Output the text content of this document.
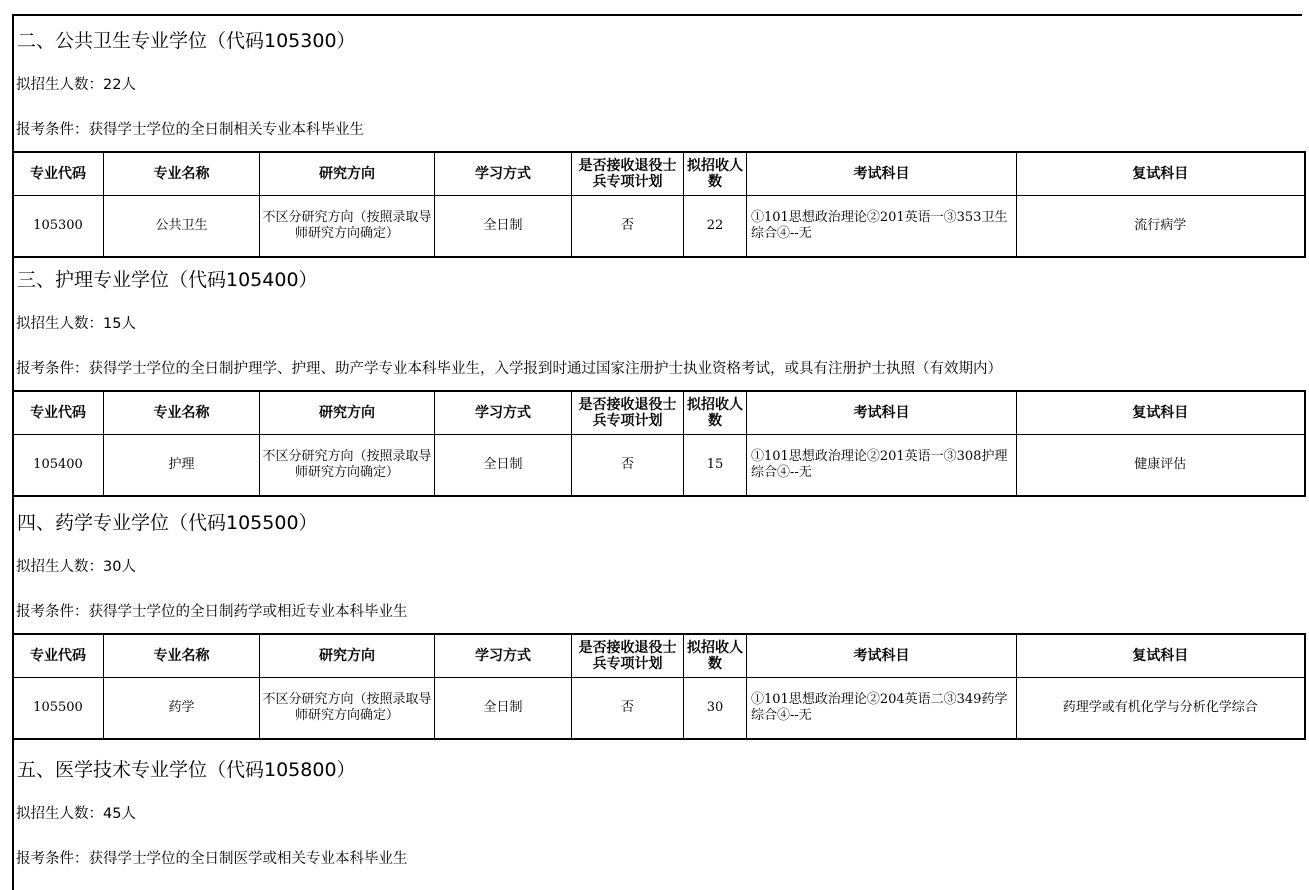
二、公共卫生专业学位（代码105300）
拟招生人数：22人
报考条件：获得学士学位的全日制相关专业本科毕业生
专业代码	专业名称	研究方向	学习方式	是否接收退役士兵专项计划	拟招收人数	考试科目	复试科目
105300	公共卫生	不区分研究方向（按照录取导师研究方向确定）	全日制	否	22	①101思想政治理论②201英语一③353卫生综合④--无	流行病学
三、护理专业学位（代码105400）
拟招生人数：15人
报考条件：获得学士学位的全日制护理学、护理、助产学专业本科毕业生，入学报到时通过国家注册护士执业资格考试，或具有注册护士执照（有效期内）
专业代码	专业名称	研究方向	学习方式	是否接收退役士兵专项计划	拟招收人数	考试科目	复试科目
105400	护理	不区分研究方向（按照录取导师研究方向确定）	全日制	否	15	①101思想政治理论②201英语一③308护理综合④--无	健康评估
四、药学专业学位（代码105500）
拟招生人数：30人
报考条件：获得学士学位的全日制药学或相近专业本科毕业生
专业代码	专业名称	研究方向	学习方式	是否接收退役士兵专项计划	拟招收人数	考试科目	复试科目
105500	药学	不区分研究方向（按照录取导师研究方向确定）	全日制	否	30	①101思想政治理论②204英语二③349药学综合④--无	药理学或有机化学与分析化学综合
五、医学技术专业学位（代码105800）
拟招生人数：45人
报考条件：获得学士学位的全日制医学或相关专业本科毕业生
